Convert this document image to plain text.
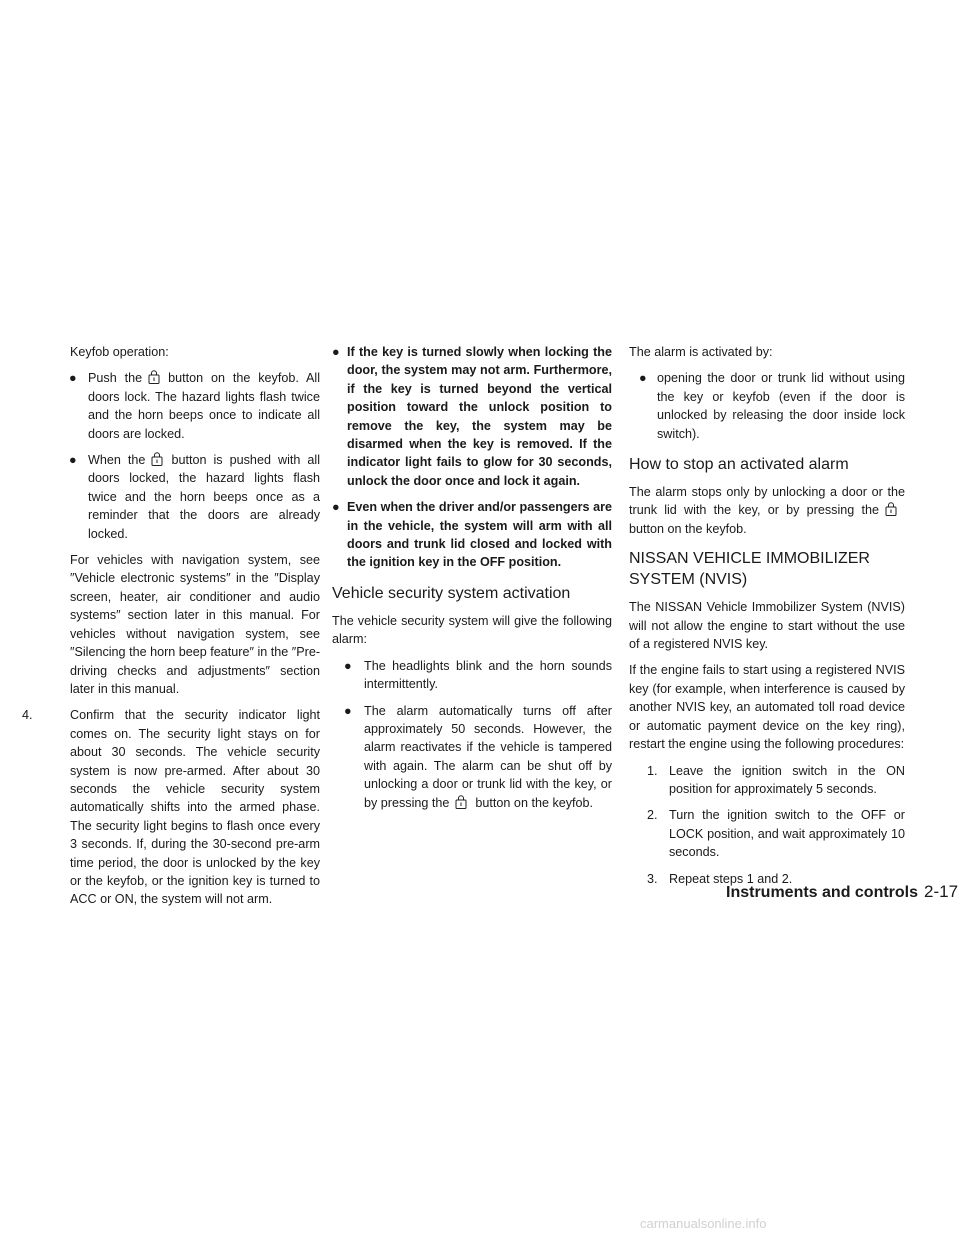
Keyfob operation:

● Push the button on the keyfob. All doors lock. The hazard lights flash twice and the horn beeps once to indicate all doors are locked.
● When the button is pushed with all doors locked, the hazard lights flash twice and the horn beeps once as a reminder that the doors are already locked.

For vehicles with navigation system, see ″Vehicle electronic systems″ in the ″Display screen, heater, air conditioner and audio systems″ section later in this manual. For vehicles without navigation system, see ″Silencing the horn beep feature″ in the ″Pre-driving checks and adjustments″ section later in this manual.

4.	Confirm that the security indicator light comes on. The security light stays on for about 30 seconds. The vehicle security system is now pre-armed. After about 30 seconds the vehicle security system automatically shifts into the armed phase. The security light begins to flash once every 3 seconds. If, during the 30-second pre-arm time period, the door is unlocked by the key or the keyfob, or the ignition key is turned to ACC or ON, the system will not arm.
● If the key is turned slowly when locking the door, the system may not arm. Furthermore, if the key is turned beyond the vertical position toward the unlock position to remove the key, the system may be disarmed when the key is removed. If the indicator light fails to glow for 30 seconds, unlock the door once and lock it again.
● Even when the driver and/or passengers are in the vehicle, the system will arm with all doors and trunk lid closed and locked with the ignition key in the OFF position.
Vehicle security system activation

The vehicle security system will give the following alarm:

● The headlights blink and the horn sounds intermittently.
● The alarm automatically turns off after approximately 50 seconds. However, the alarm reactivates if the vehicle is tampered with again. The alarm can be shut off by unlocking a door or trunk lid with the key, or by pressing the button on the keyfob.

The alarm is activated by:

● opening the door or trunk lid without using the key or keyfob (even if the door is unlocked by releasing the door inside lock switch).
How to stop an activated alarm

The alarm stops only by unlocking a door or the trunk lid with the key, or by pressing the
button on the keyfob.

NISSAN VEHICLE IMMOBILIZER SYSTEM (NVIS)

The NISSAN Vehicle Immobilizer System (NVIS) will not allow the engine to start without the use of a registered NVIS key.

If the engine fails to start using a registered NVIS key (for example, when interference is caused by another NVIS key, an automated toll road device or automatic payment device on the key ring), restart the engine using the following procedures:

1. Leave the ignition switch in the ON position for approximately 5 seconds.
2. Turn the ignition switch to the OFF or LOCK position, and wait approximately 10 seconds.
3. Repeat steps 1 and 2.
Instruments and controls 2-17
carmanualsonline.info
